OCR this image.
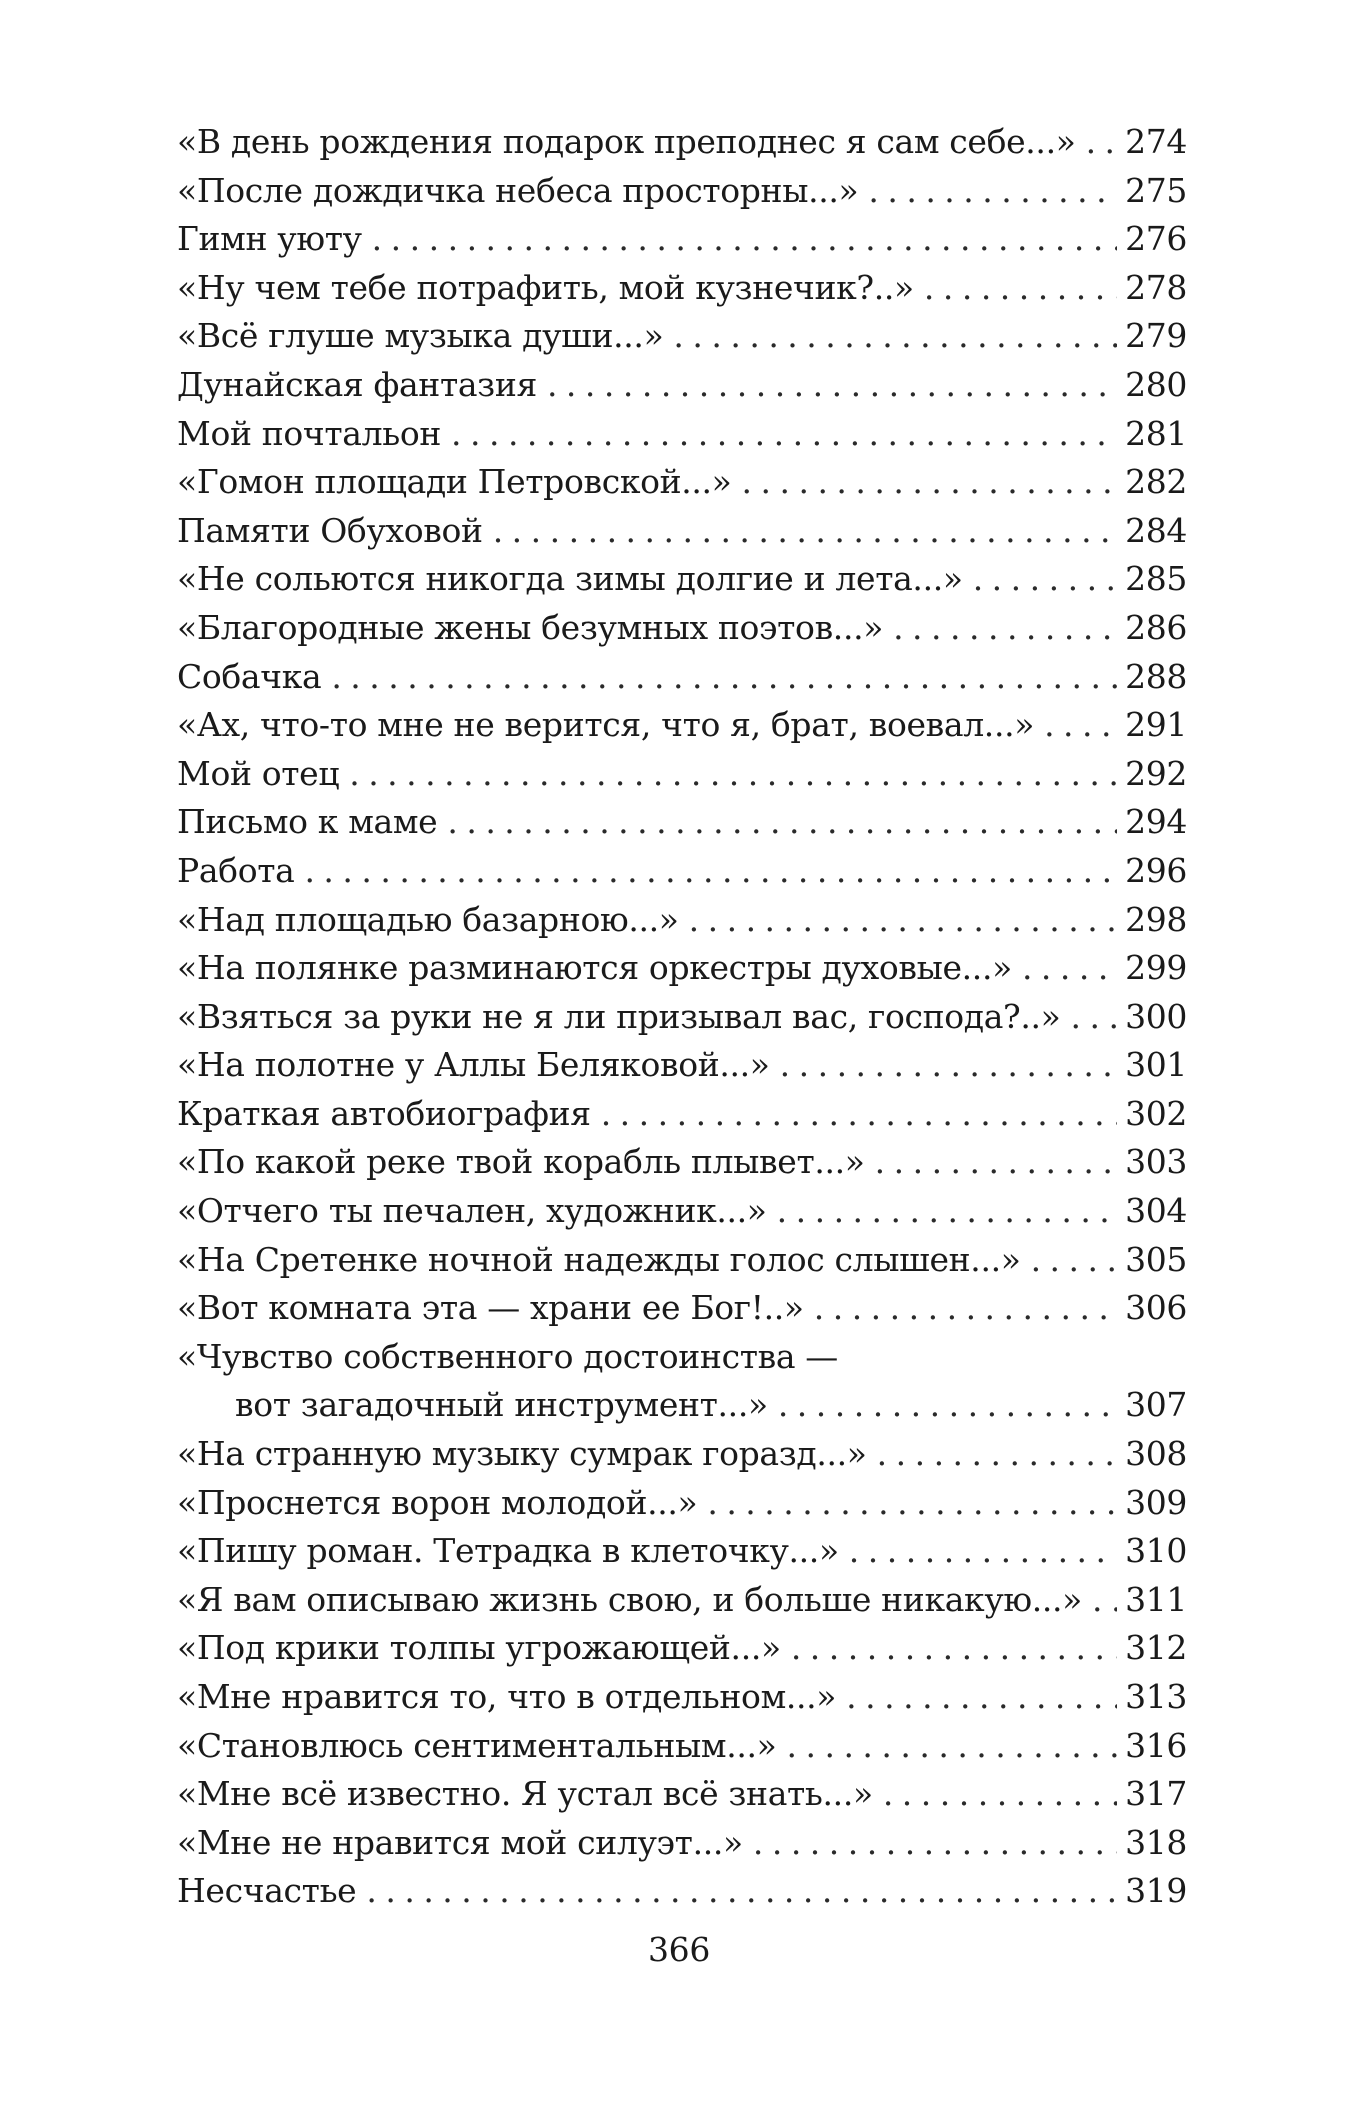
«В день рождения подарок преподнес я сам себе...» . . . 274
«После дождичка небеса просторны...» . . .	275
Гимн уюту . . .	276
«Ну чем тебе потрафить, мой кузнечик?..» . . .	278
«Всё глуше музыка души...» . . .	279
Дунайская фантазия . . .	280
Мой почтальон . . .	281
«Гомон площади Петровской...» . . .	282
Памяти Обуховой . . .	284
«Не сольются никогда зимы долгие и лета...» . . .	285
«Благородные жены безумных поэтов...» . . .	286
Собачка . . .	288
«Ах, что-то мне не верится, что я, брат, воевал...» . . .	291
Мой отец . . .	292
Письмо к маме . . .	294
Работа . . .	296
«Над площадью базарною...» . . .	298
«На полянке разминаются оркестры духовые...» . . .	299
«Взяться за руки не я ли призывал вас, господа?..» . . . 300
«На полотне у Аллы Беляковой...» . . .	301
Краткая автобиография . . .	302
«По какой реке твой корабль плывет...» . . .	303
«Отчего ты печален, художник...» . . .	304
«На Сретенке ночной надежды голос слышен...» . . .	305
«Вот комната эта — храни ее Бог!..» . . .	306
«Чувство собственного достоинства —
вот загадочный инструмент...» . . .	307
«На странную музыку сумрак горазд...» . . .	308
«Проснется ворон молодой...» . . .	309
«Пишу роман. Тетрадка в клеточку...» . . .	310
«Я вам описываю жизнь свою, и больше никакую...» . . . 311
«Под крики толпы угрожающей...» . . .	312
«Мне нравится то, что в отдельном...» . . .	313
«Становлюсь сентиментальным...» . . .	316
«Мне всё известно. Я устал всё знать...» . . .	317
«Мне не нравится мой силуэт...» . . .	318
Несчастье . . .	319
366
